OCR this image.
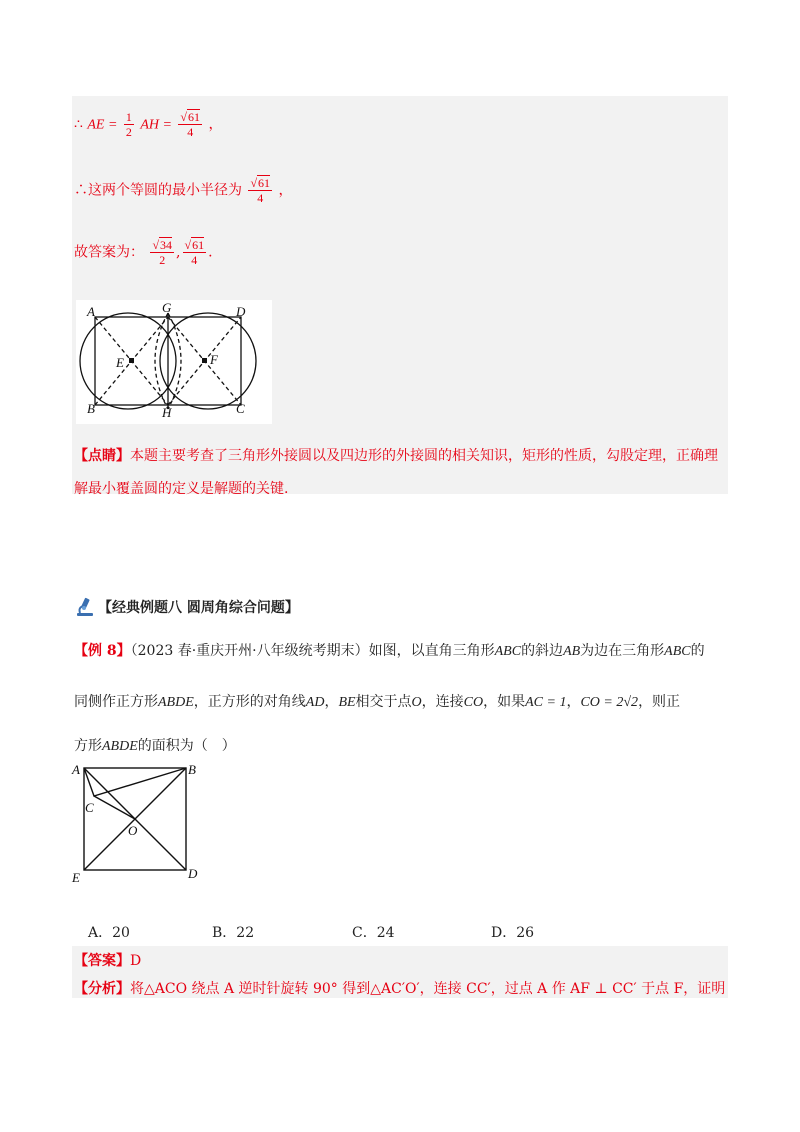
∴ AE = $\frac{1}{2}$ AH = $\frac{√61}{4}$ ，
∴这两个等圆的最小半径为 $\frac{√61}{4}$ ，
故答案为： $\frac{√34}{2}$ , $\frac{√61}{4}$ .
A	G	D
E	F
B	H	C
【点睛】本题主要考查了三角形外接圆以及四边形的外接圆的相关知识，矩形的性质，勾股定理，正确理
解最小覆盖圆的定义是解题的关键.
【经典例题八 圆周角综合问题】
【例 8】（2023 春·重庆开州·八年级统考期末）如图，以直角三角形ABC的斜边AB为边在三角形ABC的
同侧作正方形ABDE，正方形的对角线AD，BE相交于点O，连接CO，如果AC = 1，CO = 2√2，则正
方形ABDE的面积为（　）
A	B
C
O
E	D
A．20	B．22	C．24	D．26
【答案】D
【分析】将△ACO 绕点 A 逆时针旋转 90° 得到△AC′O′，连接 CC′，过点 A 作 AF ⊥ CC′ 于点 F，证明
